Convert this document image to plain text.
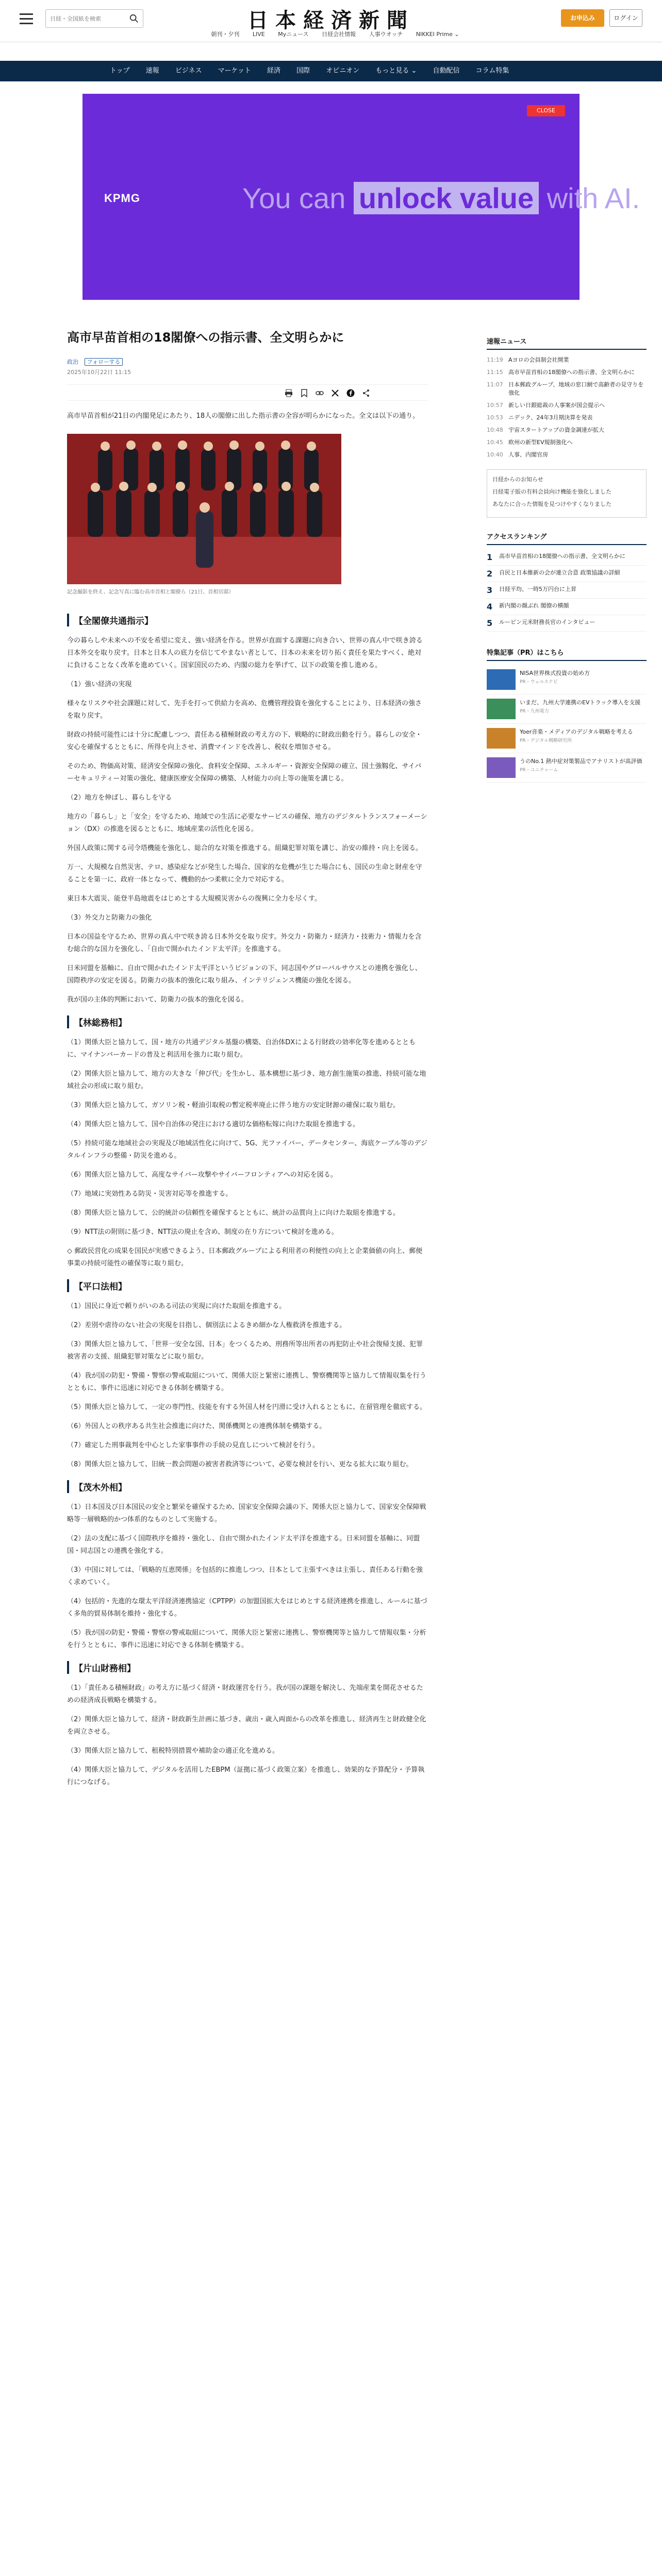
日経・全国紙を検索
日本経済新聞	お申込み	ログイン
朝刊・夕刊 LIVE Myニュース 日経会社情報 人事ウオッチ NIKKEI Prime ⌄
トップ 速報 ビジネス マーケット 経済 国際 オピニオン もっと見る ⌄ 自動配信 コラム特集
CLOSE
KPMG	You can unlock value with AI.
高市早苗首相の18閣僚への指示書、全文明らかに
政治 フォローする
2025年10月22日 11:15

高市早苗首相が21日の内閣発足にあたり、18人の閣僚に出した指示書の全容が明らかになった。全文は以下の通り。

記念撮影を終え、記念写真に臨む高市首相と閣僚ら（21日、首相官邸）
【全閣僚共通指示】

今の暮らしや未来への不安を希望に変え、強い経済を作る。世界が直面する課題に向き合い、世界の真ん中で咲き誇る日本外交を取り戻す。日本と日本人の底力を信じてやまない者として、日本の未来を切り拓く責任を果たすべく、絶対に負けることなく改革を進めていく。国家国民のため、内閣の総力を挙げて、以下の政策を推し進める。

（1）強い経済の実現

様々なリスクや社会課題に対して、先手を打って供給力を高め、危機管理投資を強化することにより、日本経済の強さを取り戻す。

財政の持続可能性には十分に配慮しつつ、責任ある積極財政の考え方の下、戦略的に財政出動を行う。暮らしの安全・安心を確保するとともに、所得を向上させ、消費マインドを改善し、税収を増加させる。

そのため、物価高対策、経済安全保障の強化、食料安全保障、エネルギー・資源安全保障の確立、国土強靱化、サイバーセキュリティー対策の強化、健康医療安全保障の構築、人材能力の向上等の施策を講じる。

（2）地方を伸ばし、暮らしを守る

地方の「暮らし」と「安全」を守るため、地域での生活に必要なサービスの確保、地方のデジタルトランスフォーメーション（DX）の推進を図るとともに、地域産業の活性化を図る。

外国人政策に関する司令塔機能を強化し、総合的な対策を推進する。組織犯罪対策を講じ、治安の維持・向上を図る。

万一、大規模な自然災害、テロ、感染症などが発生した場合、国家的な危機が生じた場合にも、国民の生命と財産を守ることを第一に、政府一体となって、機動的かつ柔軟に全力で対応する。

東日本大震災、能登半島地震をはじめとする大規模災害からの復興に全力を尽くす。

（3）外交力と防衛力の強化

日本の国益を守るため、世界の真ん中で咲き誇る日本外交を取り戻す。外交力・防衛力・経済力・技術力・情報力を含む総合的な国力を強化し、「自由で開かれたインド太平洋」を推進する。

日米同盟を基軸に、自由で開かれたインド太平洋というビジョンの下、同志国やグローバルサウスとの連携を強化し、国際秩序の安定を図る。防衛力の抜本的強化に取り組み、インテリジェンス機能の強化を図る。

我が国の主体的判断において、防衛力の抜本的強化を図る。

【林総務相】

（1）関係大臣と協力して、国・地方の共通デジタル基盤の構築、自治体DXによる行財政の効率化等を進めるとともに、マイナンバーカードの普及と利活用を強力に取り組む。

（2）関係大臣と協力して、地方の大きな「伸び代」を生かし、基本構想に基づき、地方創生施策の推進、持続可能な地域社会の形成に取り組む。

（3）関係大臣と協力して、ガソリン税・軽油引取税の暫定税率廃止に伴う地方の安定財源の確保に取り組む。

（4）関係大臣と協力して、国や自治体の発注における適切な価格転嫁に向けた取組を推進する。

（5）持続可能な地域社会の実現及び地域活性化に向けて、5G、光ファイバー、データセンター、海底ケーブル等のデジタルインフラの整備・防災を進める。

（6）関係大臣と協力して、高度なサイバー攻撃やサイバーフロンティアへの対応を図る。

（7）地域に実効性ある防災・災害対応等を推進する。

（8）関係大臣と協力して、公的統計の信頼性を確保するとともに、統計の品質向上に向けた取組を推進する。

（9）NTT法の附則に基づき、NTT法の廃止を含め、制度の在り方について検討を進める。

◇ 郵政民営化の成果を国民が実感できるよう、日本郵政グループによる利用者の利便性の向上と企業価値の向上、郵便事業の持続可能性の確保等に取り組む。

【平口法相】

（1）国民に身近で頼りがいのある司法の実現に向けた取組を推進する。

（2）差別や虐待のない社会の実現を目指し、個別法によるきめ細かな人権救済を推進する。

（3）関係大臣と協力して、「世界一安全な国、日本」をつくるため、刑務所等出所者の再犯防止や社会復帰支援、犯罪被害者の支援、組織犯罪対策などに取り組む。

（4）我が国の防犯・警備・警察の警戒取組について、関係大臣と緊密に連携し、警察機関等と協力して情報収集を行うとともに、事件に迅速に対応できる体制を構築する。

（5）関係大臣と協力して、一定の専門性、技能を有する外国人材を円滑に受け入れるとともに、在留管理を徹底する。

（6）外国人との秩序ある共生社会推進に向けた、関係機関との連携体制を構築する。

（7）確定した刑事裁判を中心とした家事事件の手続の見直しについて検討を行う。

（8）関係大臣と協力して、旧統一教会問題の被害者救済等について、必要な検討を行い、更なる拡大に取り組む。

【茂木外相】

（1）日本国及び日本国民の安全と繁栄を確保するため、国家安全保障会議の下、関係大臣と協力して、国家安全保障戦略等一層戦略的かつ体系的なものとして実施する。

（2）法の支配に基づく国際秩序を維持・強化し、自由で開かれたインド太平洋を推進する。日米同盟を基軸に、同盟国・同志国との連携を強化する。

（3）中国に対しては、「戦略的互恵関係」を包括的に推進しつつ、日本として主張すべきは主張し、責任ある行動を強く求めていく。

（4）包括的・先進的な環太平洋経済連携協定（CPTPP）の加盟国拡大をはじめとする経済連携を推進し、ルールに基づく多角的貿易体制を維持・強化する。

（5）我が国の防犯・警備・警察の警戒取組について、関係大臣と緊密に連携し、警察機関等と協力して情報収集・分析を行うとともに、事件に迅速に対応できる体制を構築する。

【片山財務相】

（1）「責任ある積極財政」の考え方に基づく経済・財政運営を行う。我が国の課題を解決し、先端産業を開花させるための経済成長戦略を構築する。

（2）関係大臣と協力して、経済・財政新生計画に基づき、歳出・歳入両面からの改革を推進し、経済再生と財政健全化を両立させる。

（3）関係大臣と協力して、租税特別措置や補助金の適正化を進める。

（4）関係大臣と協力して、デジタルを活用したEBPM（証拠に基づく政策立案）を推進し、効果的な予算配分・予算執行につなげる。

速報ニュース
11:19 Aヨロの会員制会社開業
11:15 高市早苗首相の18閣僚への指示書、全文明らかに
11:07 日本郵政グループ、地域の窓口網で高齢者の見守りを強化
10:57 新しい日銀総裁の人事案が国会提示へ
10:53 ニデック、24年3月期決算を発表
10:48 宇宙スタートアップの資金調達が拡大
10:45 欧州の新型EV規制強化へ
10:40 人事、内閣官房
日経からのお知らせ
日経電子版の有料会員向け機能を強化しました
あなたに合った情報を見つけやすくなりました
アクセスランキング
1	高市早苗首相の18閣僚への指示書、全文明らかに
2	自民と日本維新の会が連立合意 政策協議の詳細
3	日経平均、一時5万円台に上昇
4	新内閣の顔ぶれ 閣僚の横顔
5	ルービン元米財務長官のインタビュー
特集記事（PR）はこちら
NISA世界株式投資の始め方
PR・ウェルスナビ
いまだ、九州大学連携のEVトラック導入を支援
PR・九州電力
Yoer音楽・メディアのデジタル戦略を考える
PR・デジタル戦略研究所
うのNo.1 熱中症対策製品でアナリストが高評価
PR・ユニチャーム
